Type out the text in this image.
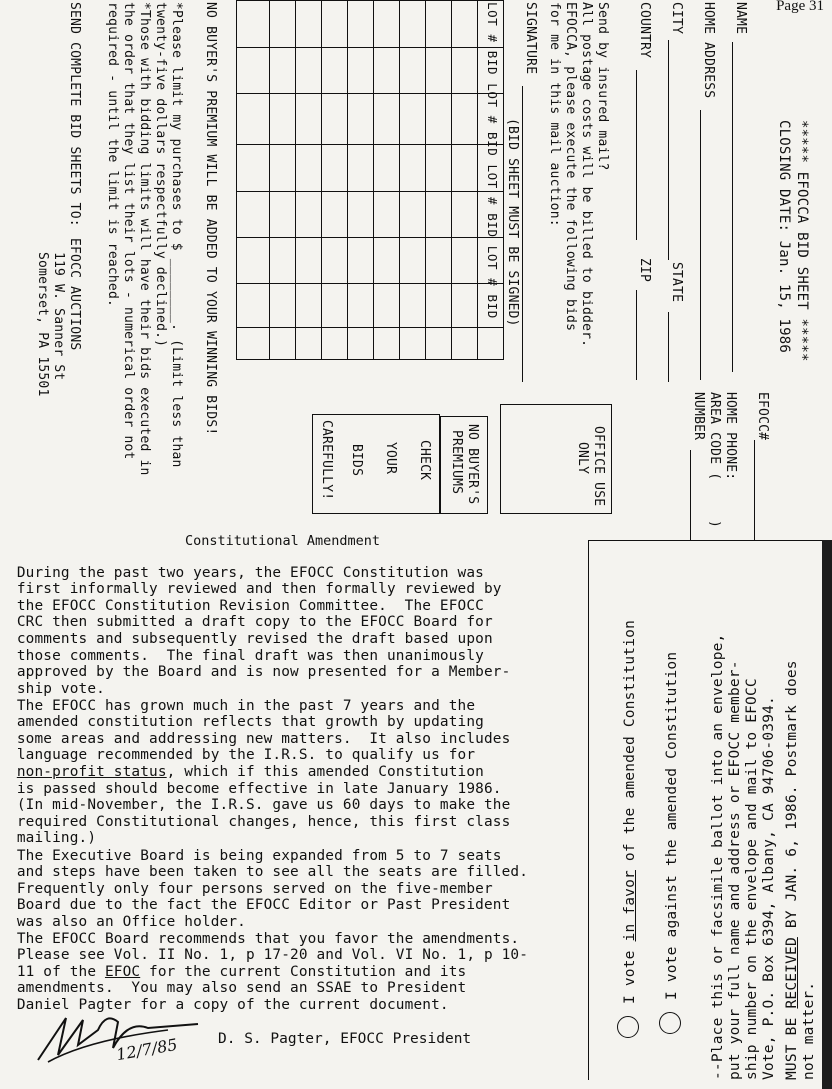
Page 31
***** EFOCCA BID SHEET *****
CLOSING DATE: Jan. 15, 1986
NAME
HOME ADDRESS
CITY
STATE
COUNTRY
ZIP
EFOCC#
HOME PHONE:
AREA CODE (
)
NUMBER
Send by insured mail?
All postage costs will be billed to bidder.
EFOCCA, please execute the following bids
for me in this mail auction:
SIGNATURE
(BID SHEET MUST BE SIGNED)
LOT # BID LOT # BID LOT # BID LOT # BID
NO BUYER'S PREMIUM WILL BE ADDED TO YOUR WINNING BIDS!
*Please limit my purchases to $ ________. (Limit less than
twenty-five dollars respectfully declined.)
*Those with bidding limits will have their bids executed in
the order that they list their lots - numerical order not
required - until the limit is reached.
SEND COMPLETE BID SHEETS TO:
EFOCC AUCTIONS
119 W. Sanner St
Somerset, PA 15501
OFFICE USE
ONLY
NO BUYER'S
PREMIUMS
CHECK
YOUR
BIDS
CAREFULLY!
I vote in favor of the amended Constitution I vote against the amended Constitution --Place this or facsimile ballot into an envelope, put your full name and address or EFOCC member- ship number on the envelope and mail to EFOCC Vote, P.O. Box 6394, Albany, CA 94706-0394. MUST BE RECEIVED BY JAN. 6, 1986. Postmark does
not matter.
Constitutional Amendment

During the past two years, the EFOCC Constitution was
first informally reviewed and then formally reviewed by
the EFOCC Constitution Revision Committee.  The EFOCC
CRC then submitted a draft copy to the EFOCC Board for
comments and subsequently revised the draft based upon
those comments.  The final draft was then unanimously
approved by the Board and is now presented for a Member-
ship vote.

The EFOCC has grown much in the past 7 years and the
amended constitution reflects that growth by updating
some areas and addressing new matters.  It also includes
language recommended by the I.R.S. to qualify us for
non-profit status, which if this amended Constitution
is passed should become effective in late January 1986.
(In mid-November, the I.R.S. gave us 60 days to make the
required Constitutional changes, hence, this first class
mailing.)

The Executive Board is being expanded from 5 to 7 seats
and steps have been taken to see all the seats are filled.
Frequently only four persons served on the five-member
Board due to the fact the EFOCC Editor or Past President
was also an Office holder.

The EFOCC Board recommends that you favor the amendments.
Please see Vol. II No. 1, p 17-20 and Vol. VI No. 1, p 10-
11 of the EFOC for the current Constitution and its
amendments.  You may also send an SSAE to President
Daniel Pagter for a copy of the current document.

12/7/85	D. S. Pagter, EFOCC President
